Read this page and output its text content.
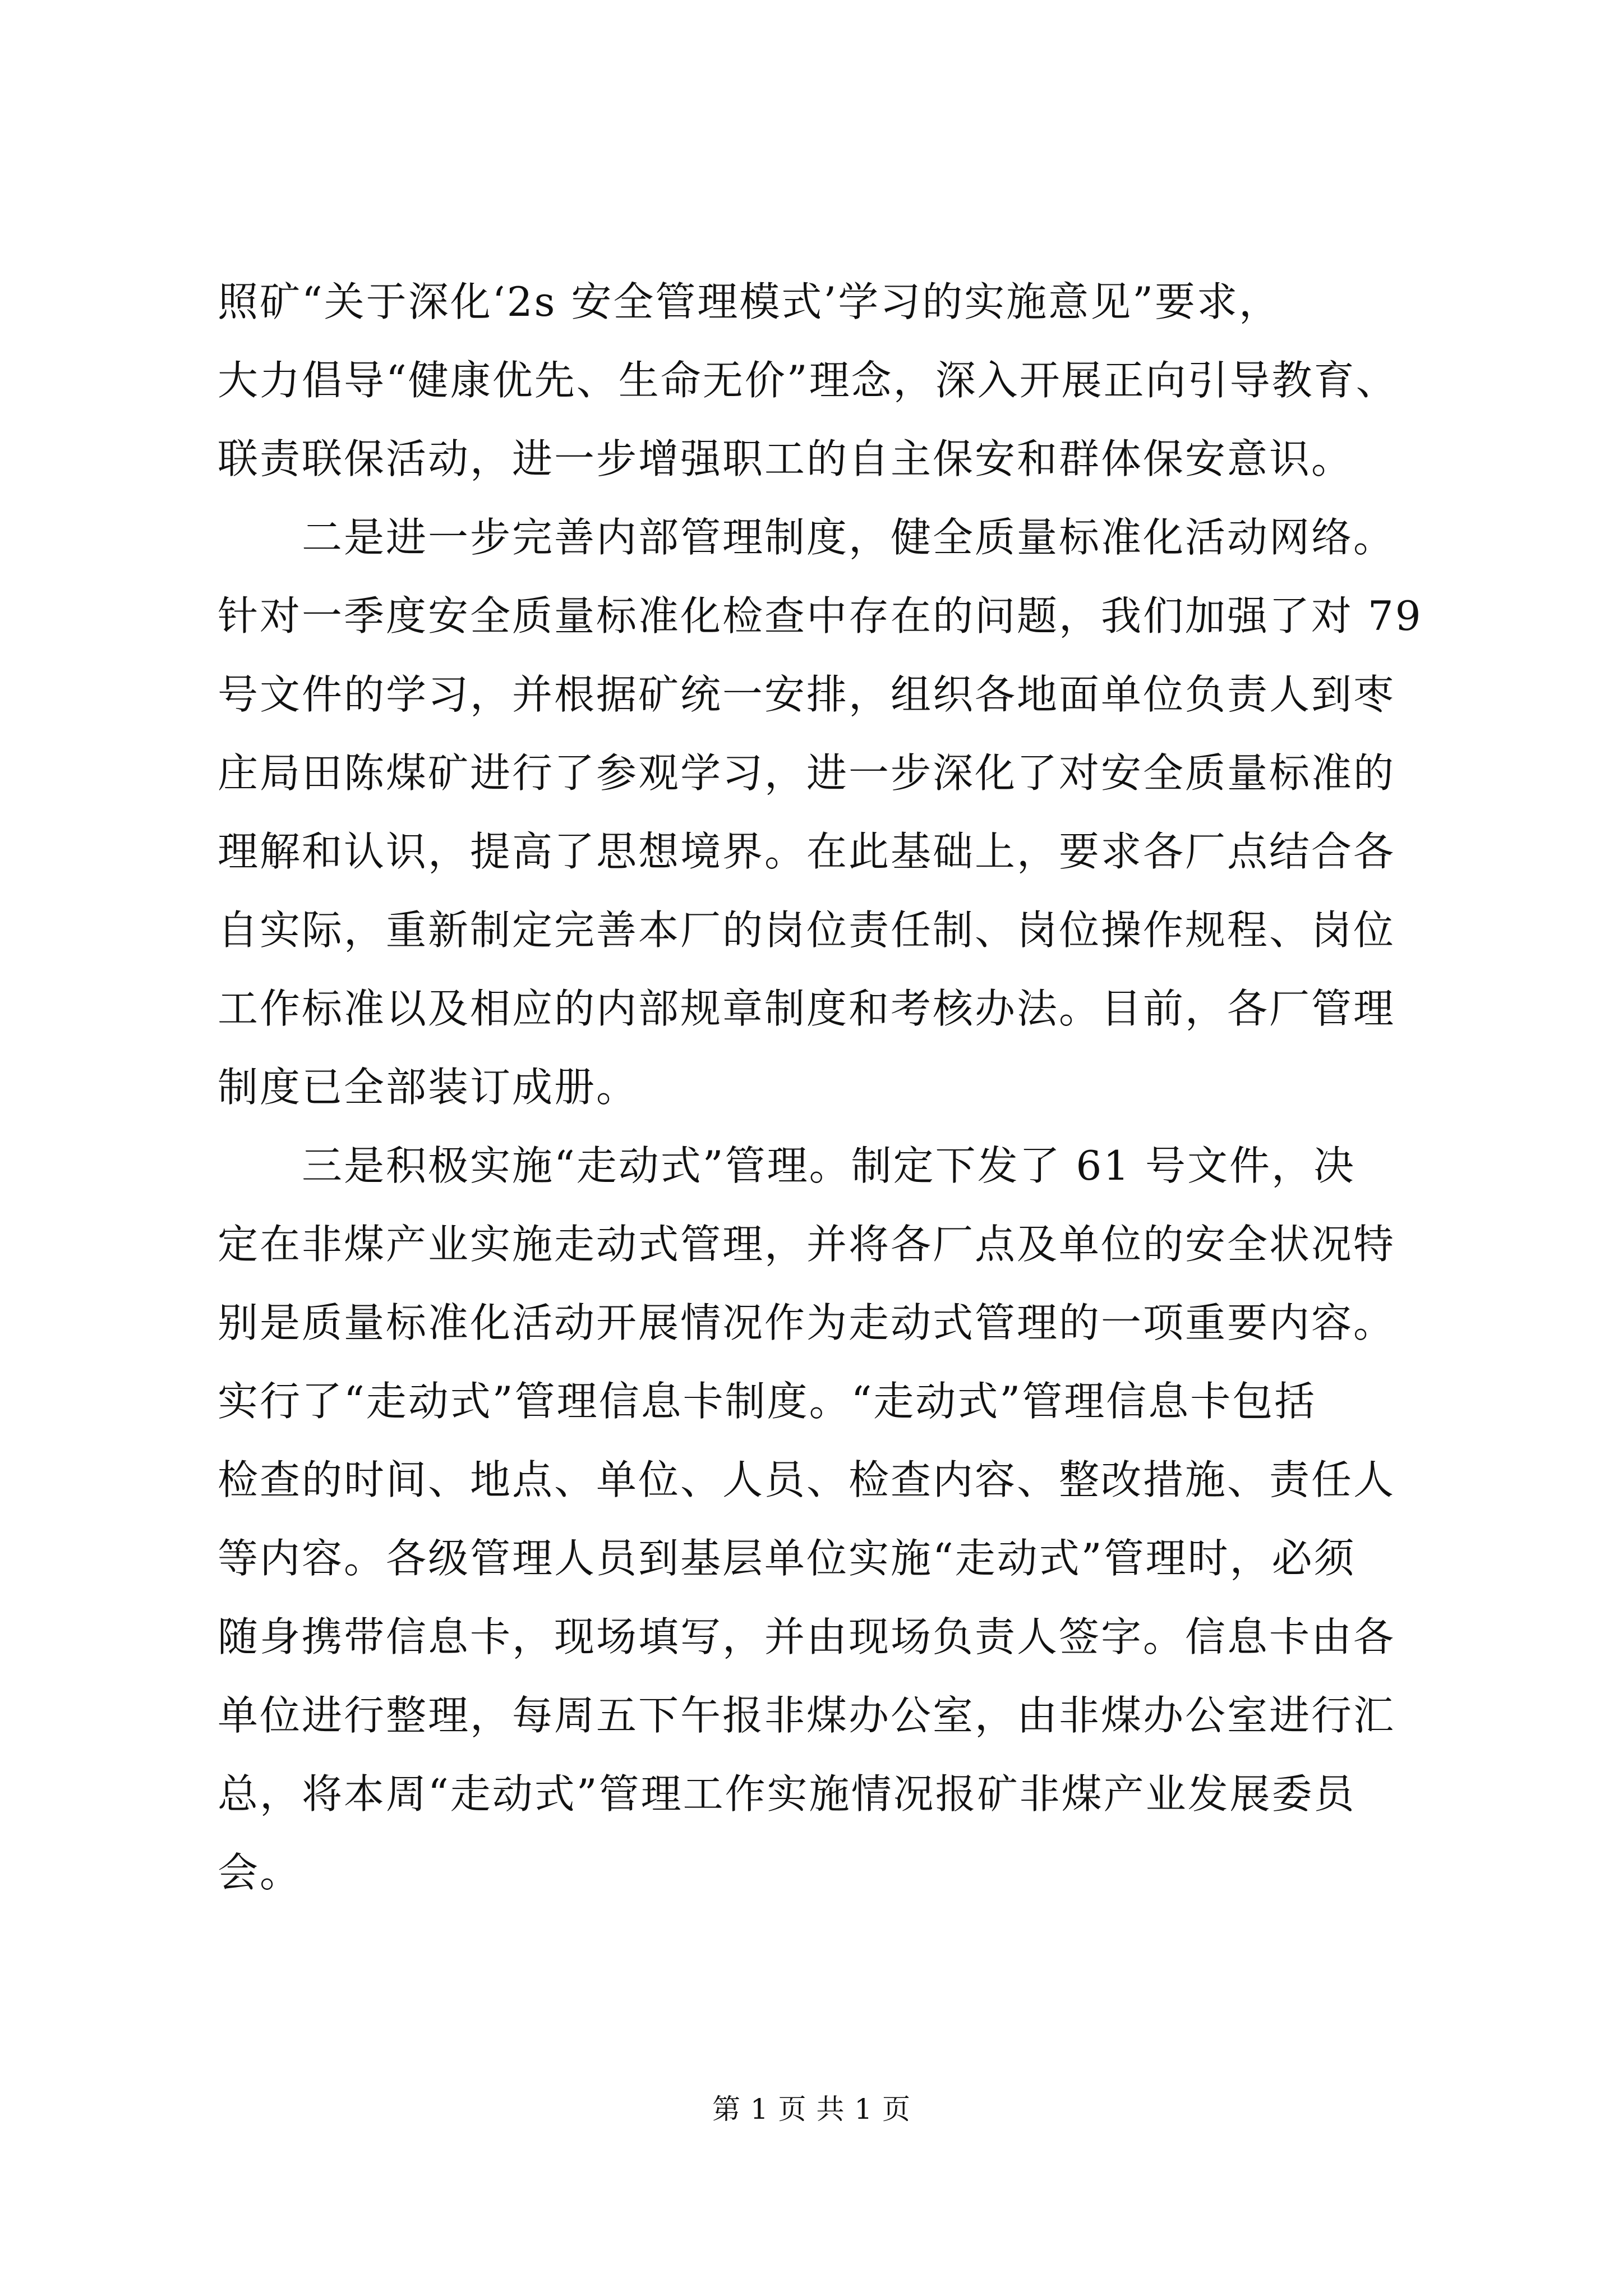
照矿“关于深化‘2s 安全管理模式’学习的实施意见”要求，
大力倡导“健康优先、生命无价”理念，深入开展正向引导教育、
联责联保活动，进一步增强职工的自主保安和群体保安意识。
二是进一步完善内部管理制度，健全质量标准化活动网络。
针对一季度安全质量标准化检查中存在的问题，我们加强了对 79
号文件的学习，并根据矿统一安排，组织各地面单位负责人到枣
庄局田陈煤矿进行了参观学习，进一步深化了对安全质量标准的
理解和认识，提高了思想境界。在此基础上，要求各厂点结合各
自实际，重新制定完善本厂的岗位责任制、岗位操作规程、岗位
工作标准以及相应的内部规章制度和考核办法。目前，各厂管理
制度已全部装订成册。
三是积极实施“走动式”管理。制定下发了 61 号文件，决
定在非煤产业实施走动式管理，并将各厂点及单位的安全状况特
别是质量标准化活动开展情况作为走动式管理的一项重要内容。
实行了“走动式”管理信息卡制度。“走动式”管理信息卡包括
检查的时间、地点、单位、人员、检查内容、整改措施、责任人
等内容。各级管理人员到基层单位实施“走动式”管理时，必须
随身携带信息卡，现场填写，并由现场负责人签字。信息卡由各
单位进行整理，每周五下午报非煤办公室，由非煤办公室进行汇
总，将本周“走动式”管理工作实施情况报矿非煤产业发展委员
会。
第 1 页 共 1 页
